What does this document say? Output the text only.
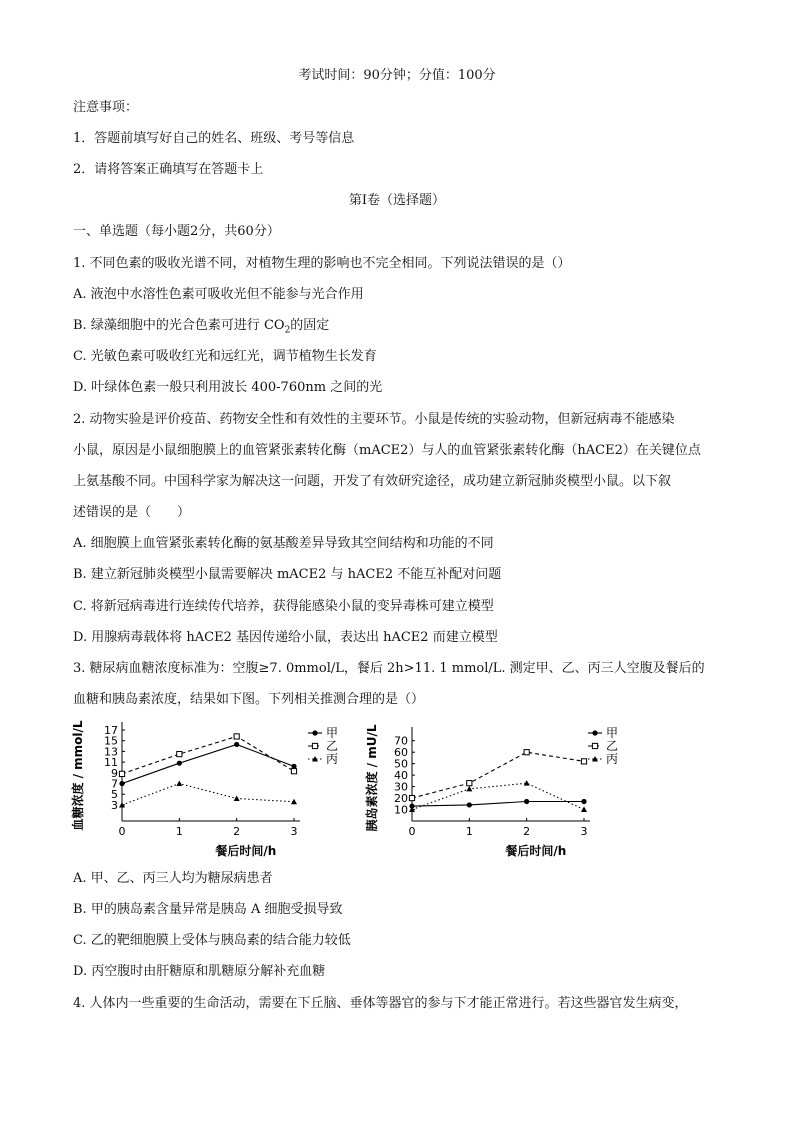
考试时间：90分钟；分值：100分
注意事项：
1．答题前填写好自己的姓名、班级、考号等信息
2．请将答案正确填写在答题卡上
第I卷（选择题）
一、单选题（每小题2分，共60分）
1. 不同色素的吸收光谱不同，对植物生理的影响也不完全相同。下列说法错误的是（）
A. 液泡中水溶性色素可吸收光但不能参与光合作用
B. 绿藻细胞中的光合色素可进行 $CO_2$的固定
C. 光敏色素可吸收红光和远红光，调节植物生长发育
D. 叶绿体色素一般只利用波长 400-760nm 之间的光
2. 动物实验是评价疫苗、药物安全性和有效性的主要环节。小鼠是传统的实验动物，但新冠病毒不能感染
小鼠，原因是小鼠细胞膜上的血管紧张素转化酶（mACE2）与人的血管紧张素转化酶（hACE2）在关键位点
上氨基酸不同。中国科学家为解决这一问题，开发了有效研究途径，成功建立新冠肺炎模型小鼠。以下叙
述错误的是（　　）
A. 细胞膜上血管紧张素转化酶的氨基酸差异导致其空间结构和功能的不同
B. 建立新冠肺炎模型小鼠需要解决 mACE2 与 hACE2 不能互补配对问题
C. 将新冠病毒进行连续传代培养，获得能感染小鼠的变异毒株可建立模型
D. 用腺病毒载体将 hACE2 基因传递给小鼠，表达出 hACE2 而建立模型
3. 糖尿病血糖浓度标准为：空腹≥7. 0mmol/L，餐后 2h>11. 1 mmol/L. 测定甲、乙、丙三人空腹及餐后的
血糖和胰岛素浓度，结果如下图。下列相关推测合理的是（）
3
5
7
9
11
13
15
17
0	1	2	3
餐后时间/h
血糖浓度 / mmol/L	甲
乙
丙
10
20
30
40
50
60
70
0	1	2	3
餐后时间/h
胰岛素浓度 / mU/L	甲
乙
丙
A. 甲、乙、丙三人均为糖尿病患者
B. 甲的胰岛素含量异常是胰岛 A 细胞受损导致
C. 乙的靶细胞膜上受体与胰岛素的结合能力较低
D. 丙空腹时由肝糖原和肌糖原分解补充血糖
4. 人体内一些重要的生命活动，需要在下丘脑、垂体等器官的参与下才能正常进行。若这些器官发生病变，
